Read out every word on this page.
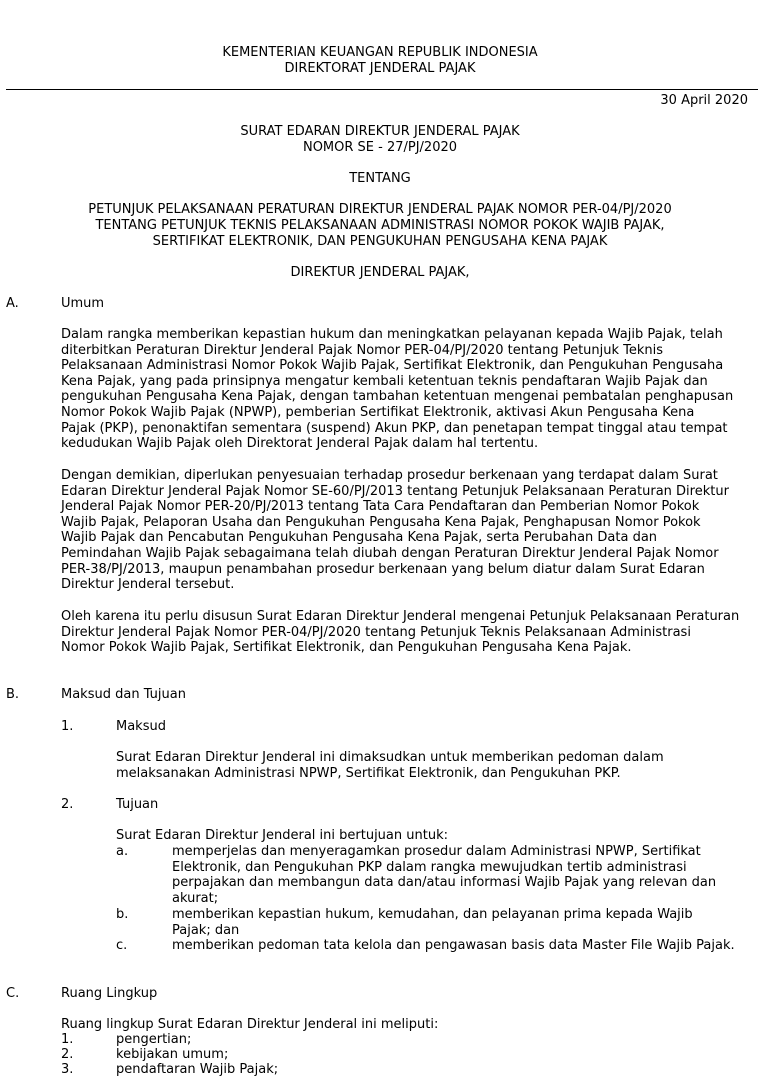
KEMENTERIAN KEUANGAN REPUBLIK INDONESIA
DIREKTORAT JENDERAL PAJAK
30 April 2020
SURAT EDARAN DIREKTUR JENDERAL PAJAK
NOMOR SE - 27/PJ/2020
TENTANG
PETUNJUK PELAKSANAAN PERATURAN DIREKTUR JENDERAL PAJAK NOMOR PER-04/PJ/2020
TENTANG PETUNJUK TEKNIS PELAKSANAAN ADMINISTRASI NOMOR POKOK WAJIB PAJAK,
SERTIFIKAT ELEKTRONIK, DAN PENGUKUHAN PENGUSAHA KENA PAJAK
DIREKTUR JENDERAL PAJAK,
A.	Umum
Dalam rangka memberikan kepastian hukum dan meningkatkan pelayanan kepada Wajib Pajak, telah
diterbitkan Peraturan Direktur Jenderal Pajak Nomor PER-04/PJ/2020 tentang Petunjuk Teknis
Pelaksanaan Administrasi Nomor Pokok Wajib Pajak, Sertifikat Elektronik, dan Pengukuhan Pengusaha
Kena Pajak, yang pada prinsipnya mengatur kembali ketentuan teknis pendaftaran Wajib Pajak dan
pengukuhan Pengusaha Kena Pajak, dengan tambahan ketentuan mengenai pembatalan penghapusan
Nomor Pokok Wajib Pajak (NPWP), pemberian Sertifikat Elektronik, aktivasi Akun Pengusaha Kena
Pajak (PKP), penonaktifan sementara (suspend) Akun PKP, dan penetapan tempat tinggal atau tempat
kedudukan Wajib Pajak oleh Direktorat Jenderal Pajak dalam hal tertentu.
Dengan demikian, diperlukan penyesuaian terhadap prosedur berkenaan yang terdapat dalam Surat
Edaran Direktur Jenderal Pajak Nomor SE-60/PJ/2013 tentang Petunjuk Pelaksanaan Peraturan Direktur
Jenderal Pajak Nomor PER-20/PJ/2013 tentang Tata Cara Pendaftaran dan Pemberian Nomor Pokok
Wajib Pajak, Pelaporan Usaha dan Pengukuhan Pengusaha Kena Pajak, Penghapusan Nomor Pokok
Wajib Pajak dan Pencabutan Pengukuhan Pengusaha Kena Pajak, serta Perubahan Data dan
Pemindahan Wajib Pajak sebagaimana telah diubah dengan Peraturan Direktur Jenderal Pajak Nomor
PER-38/PJ/2013, maupun penambahan prosedur berkenaan yang belum diatur dalam Surat Edaran
Direktur Jenderal tersebut.
Oleh karena itu perlu disusun Surat Edaran Direktur Jenderal mengenai Petunjuk Pelaksanaan Peraturan
Direktur Jenderal Pajak Nomor PER-04/PJ/2020 tentang Petunjuk Teknis Pelaksanaan Administrasi
Nomor Pokok Wajib Pajak, Sertifikat Elektronik, dan Pengukuhan Pengusaha Kena Pajak.
B.	Maksud dan Tujuan
1.	Maksud
Surat Edaran Direktur Jenderal ini dimaksudkan untuk memberikan pedoman dalam
melaksanakan Administrasi NPWP, Sertifikat Elektronik, dan Pengukuhan PKP.
2.	Tujuan
Surat Edaran Direktur Jenderal ini bertujuan untuk:
a.	memperjelas dan menyeragamkan prosedur dalam Administrasi NPWP, Sertifikat
Elektronik, dan Pengukuhan PKP dalam rangka mewujudkan tertib administrasi
perpajakan dan membangun data dan/atau informasi Wajib Pajak yang relevan dan
akurat;
b.	memberikan kepastian hukum, kemudahan, dan pelayanan prima kepada Wajib
Pajak; dan
c.	memberikan pedoman tata kelola dan pengawasan basis data Master File Wajib Pajak.
C.	Ruang Lingkup
Ruang lingkup Surat Edaran Direktur Jenderal ini meliputi:
1.	pengertian;
2.	kebijakan umum;
3.	pendaftaran Wajib Pajak;
